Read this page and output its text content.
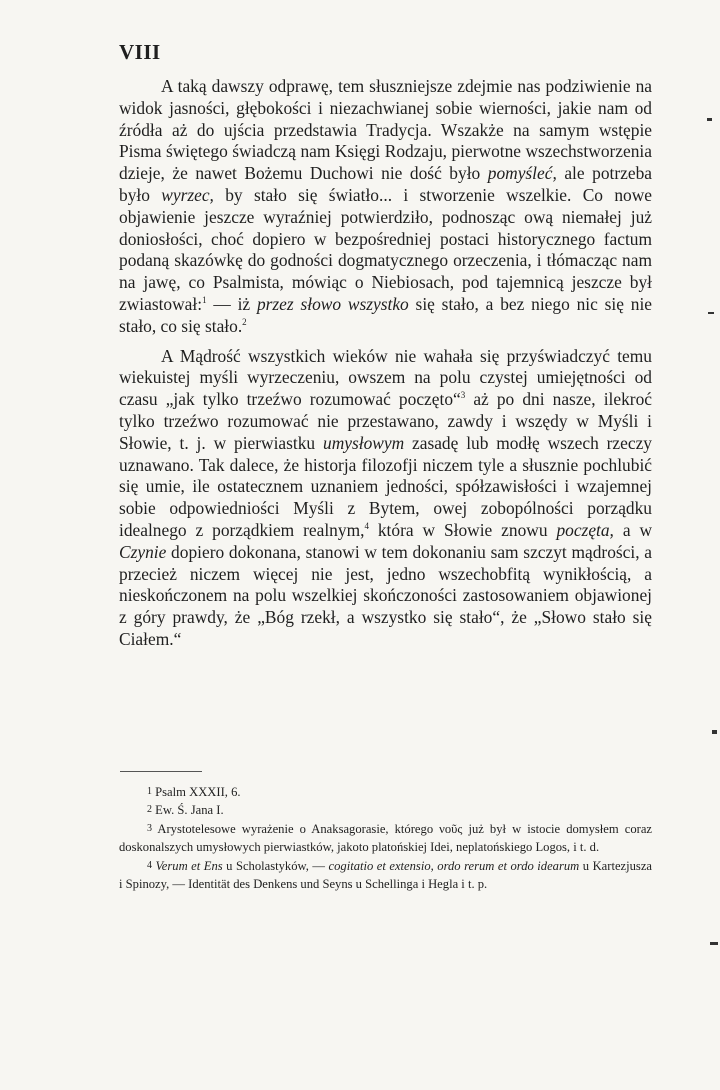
VIII

A taką dawszy odprawę, tem słuszniejsze zdejmie nas podziwienie na widok jasności, głębokości i niezachwianej sobie wierności, jakie nam od źródła aż do ujścia przedstawia Tradycja. Wszakże na samym wstępie Pisma świętego świadczą nam Księgi Rodzaju, pierwotne wszechstworzenia dzieje, że nawet Bożemu Duchowi nie dość było pomyśleć, ale potrzeba było wyrzec, by stało się światło... i stworzenie wszelkie. Co nowe objawienie jeszcze wyraźniej potwierdziło, podnosząc ową niemałej już doniosłości, choć dopiero w bezpośredniej postaci historycznego factum podaną skazówkę do godności dogmatycznego orzeczenia, i tłómacząc nam na jawę, co Psalmista, mówiąc o Niebiosach, pod tajemnicą jeszcze był zwiastował:$^1$ — iż przez słowo wszystko się stało, a bez niego nic się nie stało, co się stało.$^2$

A Mądrość wszystkich wieków nie wahała się przyświadczyć temu wiekuistej myśli wyrzeczeniu, owszem na polu czystej umiejętności od czasu „jak tylko trzeźwo rozumować poczęto“$^3$ aż po dni nasze, ilekroć tylko trzeźwo rozumować nie przestawano, zawdy i wszędy w Myśli i Słowie, t. j. w pierwiastku umysłowym zasadę lub modłę wszech rzeczy uznawano. Tak dalece, że historja filozofji niczem tyle a słusznie pochlubić się umie, ile ostatecznem uznaniem jedności, spółzawisłości i wzajemnej sobie odpowiedniości Myśli z Bytem, owej zobopólności porządku idealnego z porządkiem realnym,$^4$ która w Słowie znowu poczęta, a w Czynie dopiero dokonana, stanowi w tem dokonaniu sam szczyt mądrości, a przecież niczem więcej nie jest, jedno wszechobfitą wynikłością, a nieskończonem na polu wszelkiej skończoności zastosowaniem objawionej z góry prawdy, że „Bóg rzekł, a wszystko się stało“, że „Słowo stało się Ciałem.“

1 Psalm XXXII, 6.

2 Ew. Ś. Jana I.

3 Arystotelesowe wyrażenie o Anaksagorasie, którego νοῦς już był w istocie domysłem coraz doskonalszych umysłowych pierwiastków, jakoto platońskiej Idei, neplatońskiego Logos, i t. d.

4 Verum et Ens u Scholastyków, — cogitatio et extensio, ordo rerum et ordo idearum u Kartezjusza i Spinozy, — Identität des Denkens und Seyns u Schellinga i Hegla i t. p.
